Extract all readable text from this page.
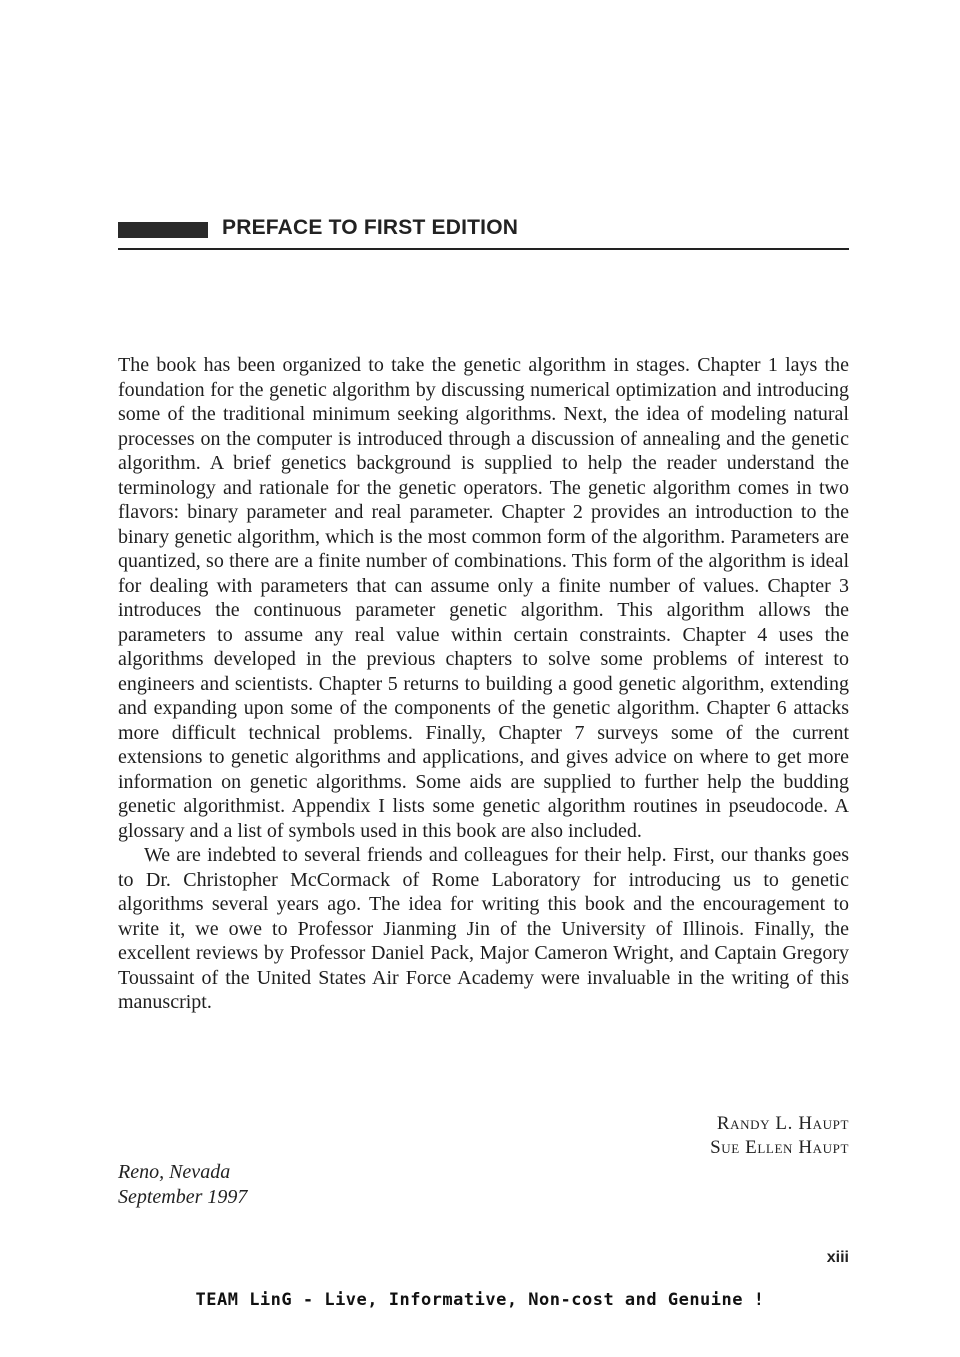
PREFACE TO FIRST EDITION

The book has been organized to take the genetic algorithm in stages. Chapter 1 lays the foundation for the genetic algorithm by discussing numerical optimization and introducing some of the traditional minimum seeking algorithms. Next, the idea of modeling natural processes on the computer is introduced through a discussion of annealing and the genetic algorithm. A brief genetics background is supplied to help the reader understand the terminology and rationale for the genetic operators. The genetic algorithm comes in two flavors: binary parameter and real parameter. Chapter 2 provides an introduction to the binary genetic algorithm, which is the most common form of the algorithm. Parameters are quantized, so there are a finite number of combinations. This form of the algorithm is ideal for dealing with parameters that can assume only a finite number of values. Chapter 3 introduces the continuous parameter genetic algorithm. This algorithm allows the parameters to assume any real value within certain constraints. Chapter 4 uses the algorithms developed in the previous chapters to solve some problems of interest to engineers and scientists. Chapter 5 returns to building a good genetic algorithm, extending and expanding upon some of the components of the genetic algorithm. Chapter 6 attacks more difficult technical problems. Finally, Chapter 7 surveys some of the current extensions to genetic algorithms and applications, and gives advice on where to get more information on genetic algorithms. Some aids are supplied to further help the budding genetic algorithmist. Appendix I lists some genetic algorithm routines in pseudocode. A glossary and a list of symbols used in this book are also included.

We are indebted to several friends and colleagues for their help. First, our thanks goes to Dr. Christopher McCormack of Rome Laboratory for introducing us to genetic algorithms several years ago. The idea for writing this book and the encouragement to write it, we owe to Professor Jianming Jin of the University of Illinois. Finally, the excellent reviews by Professor Daniel Pack, Major Cameron Wright, and Captain Gregory Toussaint of the United States Air Force Academy were invaluable in the writing of this manuscript.

Randy L. Haupt
Sue Ellen Haupt
Reno, Nevada
September 1997
xiii
TEAM LinG - Live, Informative, Non-cost and Genuine !
